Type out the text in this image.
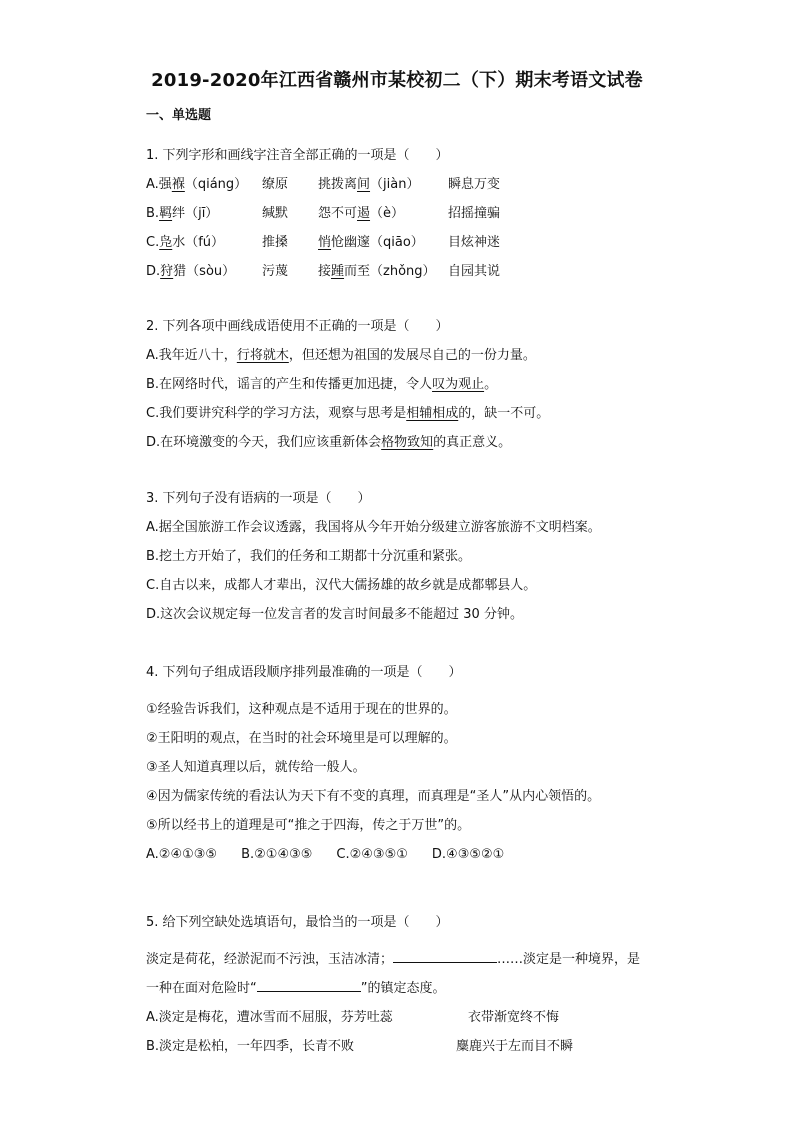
2019-2020年江西省赣州市某校初二（下）期末考语文试卷
一、单选题
1. 下列字形和画线字注音全部正确的一项是（　　）
A.强褓（qiáng） 缭原 挑拨离间（jiàn） 瞬息万变
B.羁绊（jī）	缄默 怨不可遏（è）	招摇撞骗
C.凫水（fú）	推搡 悄怆幽邃（qiāo） 目炫神迷
D.狩猎（sòu） 污蔑 接踵而至（zhǒng） 自园其说
2. 下列各项中画线成语使用不正确的一项是（　　）
A.我年近八十，行将就木，但还想为祖国的发展尽自己的一份力量。
B.在网络时代，谣言的产生和传播更加迅捷，令人叹为观止。
C.我们要讲究科学的学习方法，观察与思考是相辅相成的，缺一不可。
D.在环境激变的今天，我们应该重新体会格物致知的真正意义。
3. 下列句子没有语病的一项是（　　）
A.据全国旅游工作会议透露，我国将从今年开始分级建立游客旅游不文明档案。
B.挖土方开始了，我们的任务和工期都十分沉重和紧张。
C.自古以来，成都人才辈出，汉代大儒扬雄的故乡就是成都郫县人。
D.这次会议规定每一位发言者的发言时间最多不能超过 30 分钟。
4. 下列句子组成语段顺序排列最准确的一项是（　　）
①经验告诉我们，这种观点是不适用于现在的世界的。
②王阳明的观点，在当时的社会环境里是可以理解的。
③圣人知道真理以后，就传给一般人。
④因为儒家传统的看法认为天下有不变的真理，而真理是“圣人”从内心领悟的。
⑤所以经书上的道理是可“推之于四海，传之于万世”的。
A.②④①③⑤ B.②①④③⑤ C.②④③⑤① D.④③⑤②①
5. 给下列空缺处选填语句，最恰当的一项是（　　）
淡定是荷花，经淤泥而不污浊，玉洁冰清；	……淡定是一种境界，是
一种在面对危险时“	”的镇定态度。
A.淡定是梅花，遭冰雪而不屈服，芬芳吐蕊	衣带渐宽终不悔
B.淡定是松柏，一年四季，长青不败	麋鹿兴于左而目不瞬
